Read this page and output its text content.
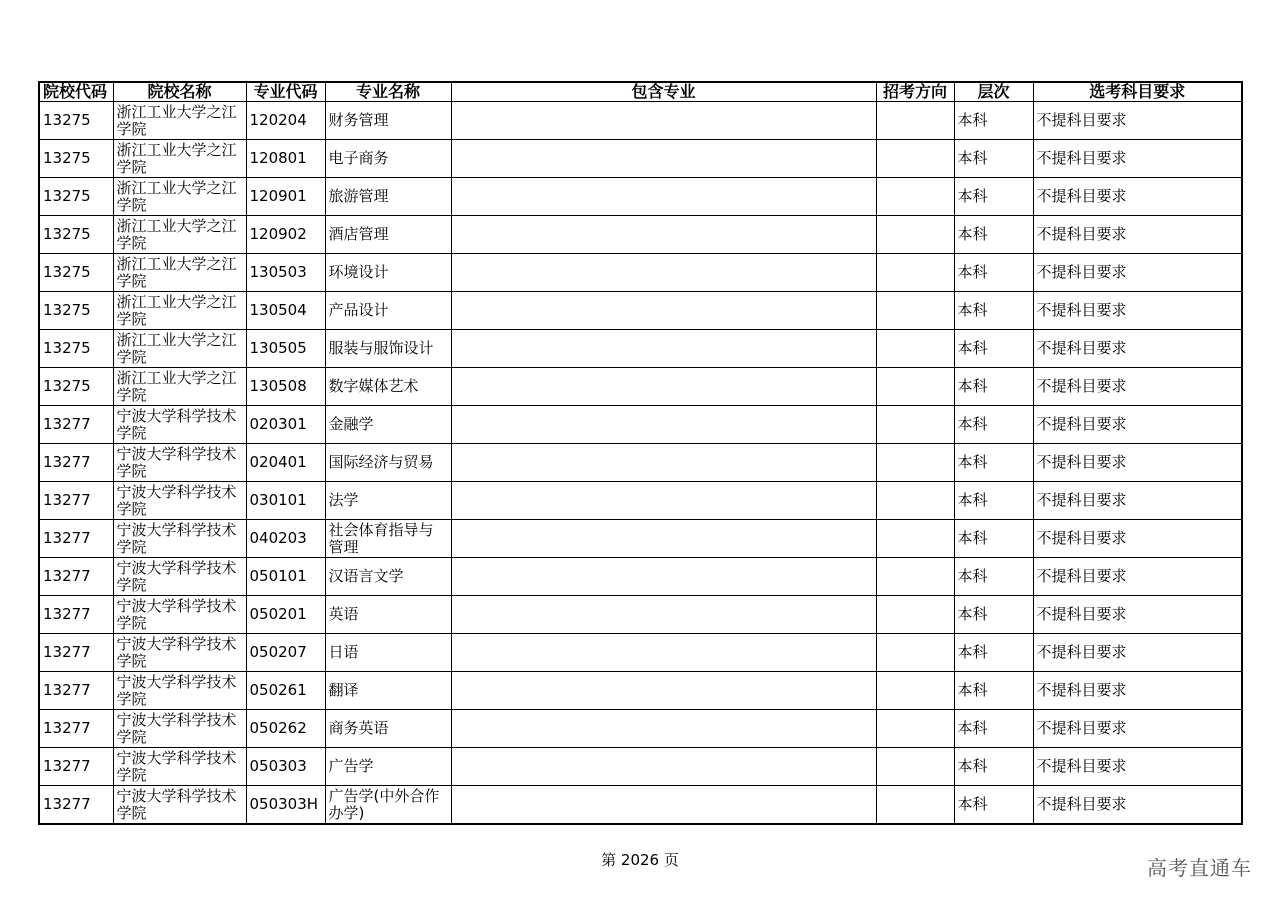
院校代码	院校名称	专业代码	专业名称	包含专业	招考方向	层次	选考科目要求
13275	浙江工业大学之江学院	120204	财务管理			本科	不提科目要求
13275	浙江工业大学之江学院	120801	电子商务			本科	不提科目要求
13275	浙江工业大学之江学院	120901	旅游管理			本科	不提科目要求
13275	浙江工业大学之江学院	120902	酒店管理			本科	不提科目要求
13275	浙江工业大学之江学院	130503	环境设计			本科	不提科目要求
13275	浙江工业大学之江学院	130504	产品设计			本科	不提科目要求
13275	浙江工业大学之江学院	130505	服装与服饰设计			本科	不提科目要求
13275	浙江工业大学之江学院	130508	数字媒体艺术			本科	不提科目要求
13277	宁波大学科学技术学院	020301	金融学			本科	不提科目要求
13277	宁波大学科学技术学院	020401	国际经济与贸易			本科	不提科目要求
13277	宁波大学科学技术学院	030101	法学			本科	不提科目要求
13277	宁波大学科学技术学院	040203	社会体育指导与管理			本科	不提科目要求
13277	宁波大学科学技术学院	050101	汉语言文学			本科	不提科目要求
13277	宁波大学科学技术学院	050201	英语			本科	不提科目要求
13277	宁波大学科学技术学院	050207	日语			本科	不提科目要求
13277	宁波大学科学技术学院	050261	翻译			本科	不提科目要求
13277	宁波大学科学技术学院	050262	商务英语			本科	不提科目要求
13277	宁波大学科学技术学院	050303	广告学			本科	不提科目要求
13277	宁波大学科学技术学院	050303H	广告学(中外合作办学)			本科	不提科目要求
第 2026 页	高考直通车
